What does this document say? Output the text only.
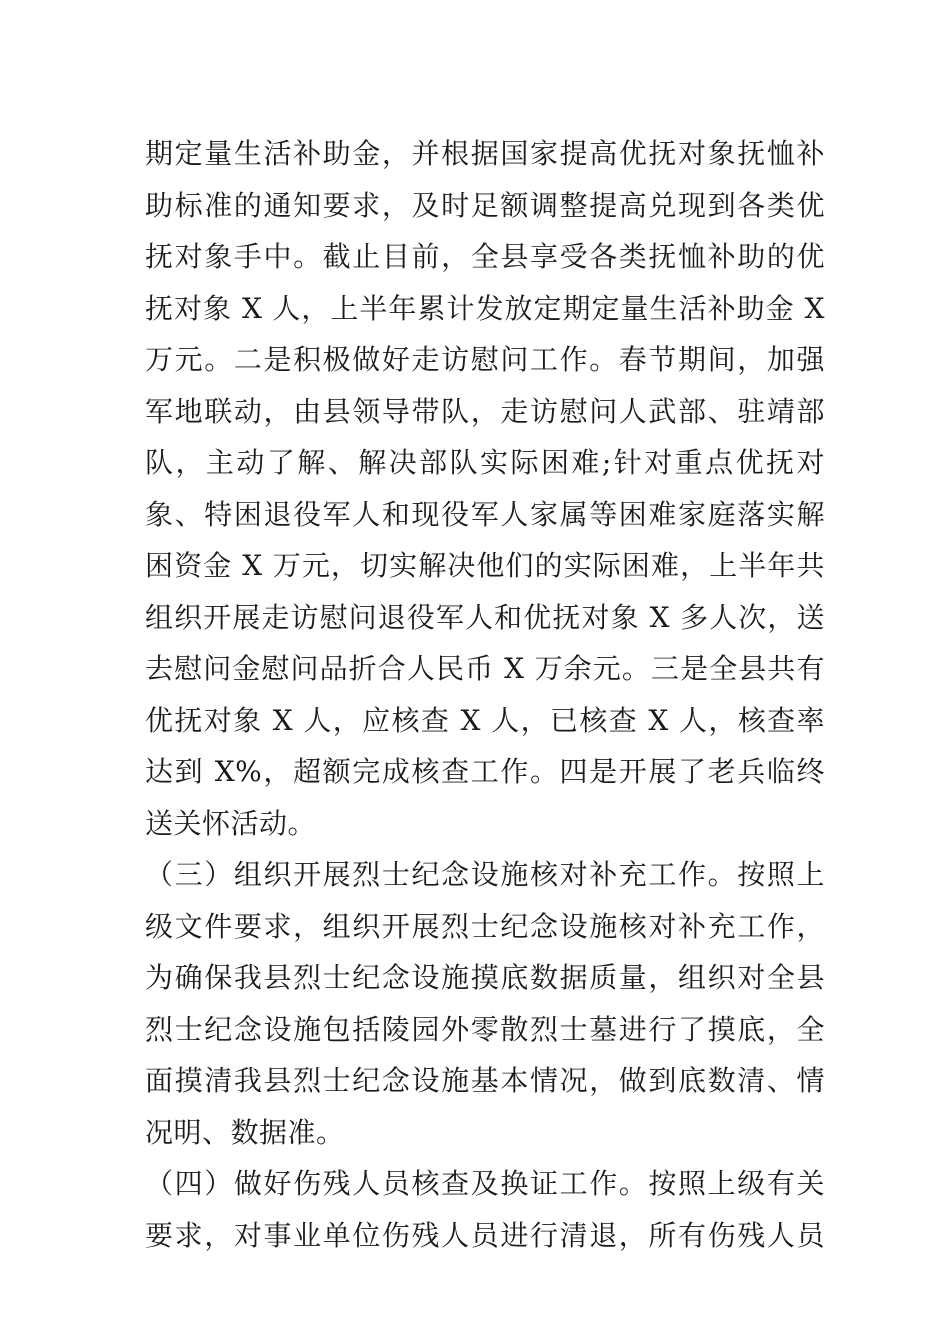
期定量生活补助金，并根据国家提高优抚对象抚恤补
助标准的通知要求，及时足额调整提高兑现到各类优
抚对象手中。截止目前，全县享受各类抚恤补助的优
抚对象 X 人，上半年累计发放定期定量生活补助金 X
万元。二是积极做好走访慰问工作。春节期间，加强
军地联动，由县领导带队，走访慰问人武部、驻靖部
队，主动了解、解决部队实际困难;针对重点优抚对
象、特困退役军人和现役军人家属等困难家庭落实解
困资金 X 万元，切实解决他们的实际困难，上半年共
组织开展走访慰问退役军人和优抚对象 X 多人次，送
去慰问金慰问品折合人民币 X 万余元。三是全县共有
优抚对象 X 人，应核查 X 人，已核查 X 人，核查率
达到 X%，超额完成核查工作。四是开展了老兵临终
送关怀活动。
（三）组织开展烈士纪念设施核对补充工作。按照上
级文件要求，组织开展烈士纪念设施核对补充工作，
为确保我县烈士纪念设施摸底数据质量，组织对全县
烈士纪念设施包括陵园外零散烈士墓进行了摸底，全
面摸清我县烈士纪念设施基本情况，做到底数清、情
况明、数据准。
（四）做好伤残人员核查及换证工作。按照上级有关
要求，对事业单位伤残人员进行清退，所有伤残人员
